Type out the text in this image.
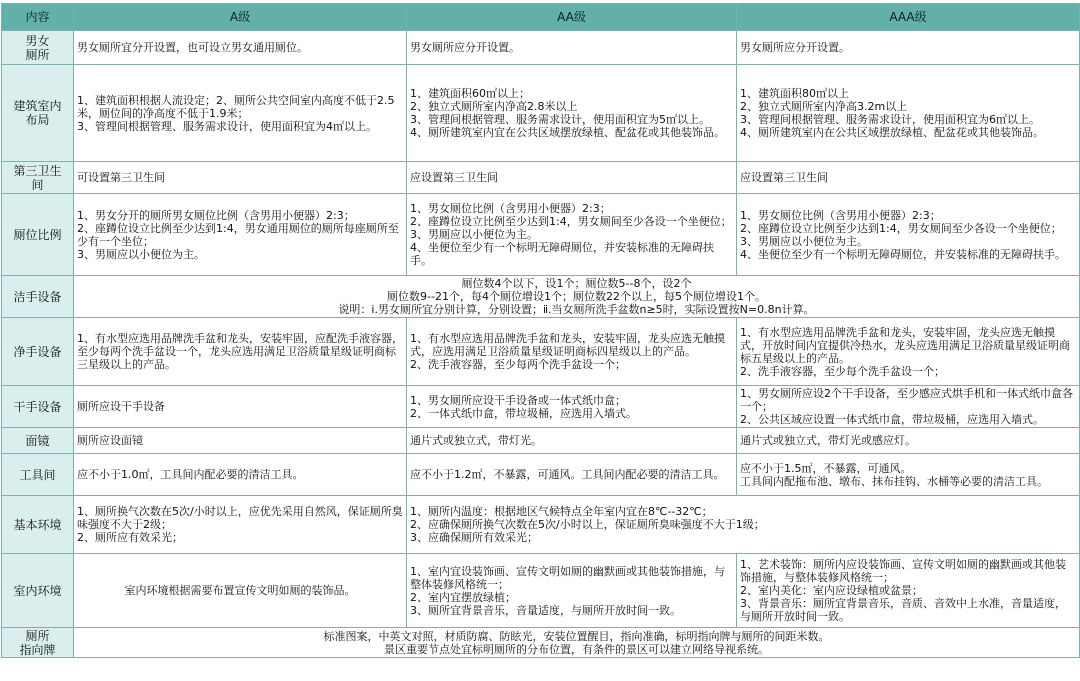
内容	A级	AA级	AAA级
男女
厕所	男女厕所宜分开设置，也可设立男女通用厕位。	男女厕所应分开设置。	男女厕所应分开设置。
建筑室内
布局	1、建筑面积根据人流设定；2、厕所公共空间室内高度不低于2.5米，厕位间的净高度不低于1.9米；
3、管理间根据管理、服务需求设计，使用面积宜为4㎡以上。	1、建筑面积60㎡以上；
2、独立式厕所室内净高2.8米以上
3、管理间根据管理、服务需求设计，使用面积宜为5㎡以上。
4、厕所建筑室内宜在公共区域摆放绿植、配盆花或其他装饰品。	1、建筑面积80㎡以上
2、独立式厕所室内净高3.2m以上
3、管理间根据管理、服务需求设计，使用面积宜为6㎡以上。
4、厕所建筑室内在公共区域摆放绿植、配盆花或其他装饰品。
第三卫生
间	可设置第三卫生间	应设置第三卫生间	应设置第三卫生间
厕位比例	1、男女分开的厕所男女厕位比例（含男用小便器）2:3；
2、座蹲位设立比例至少达到1:4，男女通用厕位的厕所每座厕所至少有一个坐位；
3、男厕应以小便位为主。	1、男女厕位比例（含男用小便器）2:3；
2、座蹲位设立比例至少达到1:4，男女厕间至少各设一个坐便位；3、男厕应以小便位为主。
4、坐便位至少有一个标明无障碍厕位，并安装标准的无障碍扶手。	1、男女厕位比例（含男用小便器）2:3；
2、座蹲位设立比例至少达到1:4，男女厕间至少各设一个坐便位；3、男厕应以小便位为主。
4、坐便位至少有一个标明无障碍厕位，并安装标准的无障碍扶手。
洁手设备	厕位数4个以下，设1个；厕位数5--8个，设2个
厕位数9--21个，每4个厕位增设1个；厕位数22个以上，每5个厕位增设1个。
说明：ⅰ.男女厕所宜分别计算，分别设置；ⅱ.当女厕所洗手盆数n≥5时，实际设置按N=0.8n计算。		
净手设备	1、有水型应选用品牌洗手盆和龙头，安装牢固，应配洗手液容器，至少每两个洗手盆设一个，龙头应选用满足卫浴质量星级证明商标三星级以上的产品。	1、有水型应选用品牌洗手盆和龙头，安装牢固，龙头应选无触摸式，应选用满足卫浴质量星级证明商标四星级以上的产品。
2、洗手液容器，至少每两个洗手盆设一个；	1、有水型应选用品牌洗手盆和龙头，安装牢固，龙头应选无触摸式，开放时间内宜提供冷热水，龙头应选用满足卫浴质量星级证明商标五星级以上的产品。
2、洗手液容器，至少每个洗手盆设一个；
干手设备	厕所应设干手设备	1、男女厕所应设干手设备或一体式纸巾盒；
2、一体式纸巾盒，带垃圾桶，应选用入墙式。	1、男女厕所应设2个干手设备，至少感应式烘手机和一体式纸巾盒各一个；
2、公共区域应设置一体式纸巾盒，带垃圾桶，应选用入墙式。
面镜	厕所应设面镜	通片式或独立式，带灯光。	通片式或独立式，带灯光或感应灯。
工具间	应不小于1.0㎡，工具间内配必要的清洁工具。	应不小于1.2㎡，不暴露，可通风。工具间内配必要的清洁工具。	应不小于1.5㎡，不暴露，可通风。
工具间内配拖布池、墩布、抹布挂钩、水桶等必要的清洁工具。
基本环境	1、厕所换气次数在5次/小时以上，应优先采用自然风，保证厕所臭味强度不大于2级；
2、厕所应有效采光；	1、厕所内温度：根据地区气候特点全年室内宜在8℃--32℃；
2、应确保厕所换气次数在5次/小时以上，保证厕所臭味强度不大于1级；
3、应确保厕所有效采光；	
室内环境	室内环境根据需要布置宣传文明如厕的装饰品。	1、室内宜设装饰画、宣传文明如厕的幽默画或其他装饰措施，与整体装修风格统一；
2、室内宜摆放绿植；
3、厕所宜背景音乐，音量适度，与厕所开放时间一致。	1、艺术装饰：厕所内应设装饰画、宣传文明如厕的幽默画或其他装饰措施，与整体装修风格统一；
2、室内美化：室内应设绿植或盆景；
3、背景音乐：厕所宜背景音乐，音质、音效中上水准，音量适度，与厕所开放时间一致。
厕所
指向牌	标准图案，中英文对照，材质防腐、防眩光，安装位置醒目，指向准确，标明指向牌与厕所的间距米数。
景区重要节点处宜标明厕所的分布位置，有条件的景区可以建立网络导视系统。		
